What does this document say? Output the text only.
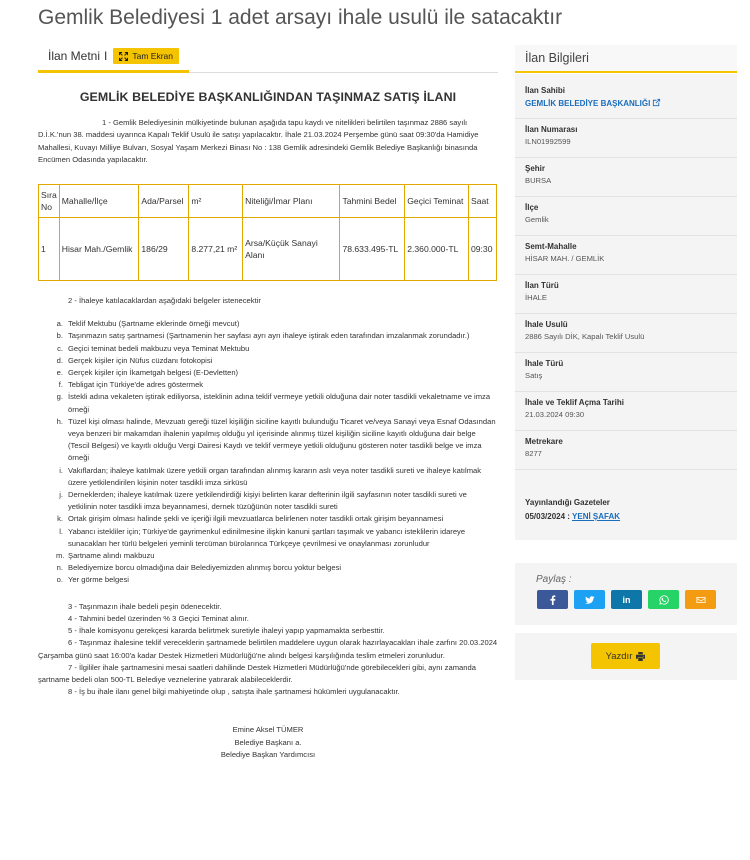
Gemlik Belediyesi 1 adet arsayı ihale usulü ile satacaktır
İlan Metni I	Tam Ekran
GEMLİK BELEDİYE BAŞKANLIĞINDAN TAŞINMAZ SATIŞ İLANI

1 - Gemlik Belediyesinin mülkiyetinde bulunan aşağıda tapu kaydı ve nitelikleri belirtilen taşınmaz 2886 sayılı D.İ.K.'nun 38. maddesi uyarınca Kapalı Teklif Usulü ile satışı yapılacaktır. İhale 21.03.2024 Perşembe günü saat 09:30'da Hamidiye Mahallesi, Kuvayı Milliye Bulvarı, Sosyal Yaşam Merkezi Binası No : 138 Gemlik adresindeki Gemlik Belediye Başkanlığı binasında Encümen Odasında yapılacaktır.

Sıra No	Mahalle/İlçe	Ada/Parsel	m²	Niteliği/İmar Planı	Tahmini Bedel	Geçici Teminat	Saat
1	Hisar Mah./Gemlik	186/29	8.277,21 m²	Arsa/Küçük Sanayi Alanı	78.633.495-TL	2.360.000-TL	09:30

2 - İhaleye katılacaklardan aşağıdaki belgeler istenecektir

a. Teklif Mektubu (Şartname eklerinde örneği mevcut)
b. Taşınmazın satış şartnamesi (Şartnamenin her sayfası ayrı ayrı ihaleye iştirak eden tarafından imzalanmak zorundadır.)
c. Geçici teminat bedeli makbuzu veya Teminat Mektubu
d. Gerçek kişiler için Nüfus cüzdanı fotokopisi
e. Gerçek kişiler için İkametgah belgesi (E-Devletten)
f. Tebligat için Türkiye'de adres göstermek
g. İstekli adına vekaleten iştirak ediliyorsa, isteklinin adına teklif vermeye yetkili olduğuna dair noter tasdikli vekaletname ve imza örneği
h. Tüzel kişi olması halinde, Mevzuatı gereği tüzel kişiliğin siciline kayıtlı bulunduğu Ticaret ve/veya Sanayi veya Esnaf Odasından veya benzeri bir makamdan ihalenin yapılmış olduğu yıl içerisinde alınmış tüzel kişiliğin siciline kayıtlı olduğuna dair belge (Tescil Belgesi) ve kayıtlı olduğu Vergi Dairesi Kaydı ve teklif vermeye yetkili olduğunu gösteren noter tasdikli belge ve imza örneği
i. Vakıflardan; ihaleye katılmak üzere yetkili organ tarafından alınmış kararın aslı veya noter tasdikli sureti ve ihaleye katılmak üzere yetkilendirilen kişinin noter tasdikli imza sirküsü
j. Derneklerden; ihaleye katılmak üzere yetkilendirdiği kişiyi belirten karar defterinin ilgili sayfasının noter tasdikli sureti ve yetkilinin noter tasdikli imza beyannamesi, dernek tüzüğünün noter tasdikli sureti
k. Ortak girişim olması halinde şekli ve içeriği ilgili mevzuatlarca belirlenen noter tasdikli ortak girişim beyannamesi
l. Yabancı istekliler için; Türkiye'de gayrimenkul edinilmesine ilişkin kanuni şartları taşımak ve yabancı isteklilerin idareye sunacakları her türlü belgeleri yeminli tercüman bürolarınca Türkçeye çevrilmesi ve onaylanması zorunludur
m. Şartname alındı makbuzu
n. Belediyemize borcu olmadığına dair Belediyemizden alınmış borcu yoktur belgesi
o. Yer görme belgesi

3 - Taşınmazın ihale bedeli peşin ödenecektir.

4 - Tahmini bedel üzerinden % 3 Geçici Teminat alınır.

5 - İhale komisyonu gerekçesi kararda belirtmek suretiyle ihaleyi yapıp yapmamakta serbesttir.

6 - Taşınmaz ihalesine teklif vereceklerin şartnamede belirtilen maddelere uygun olarak hazırlayacakları ihale zarfını 20.03.2024 Çarşamba günü saat 16:00'a kadar Destek Hizmetleri Müdürlüğü'ne alındı belgesi karşılığında teslim etmeleri zorunludur.

7 - İlgililer ihale şartnamesini mesai saatleri dahilinde Destek Hizmetleri Müdürlüğü'nde görebilecekleri gibi, aynı zamanda şartname bedeli olan 500-TL Belediye veznelerine yatırarak alabileceklerdir.

8 - İş bu ihale ilanı genel bilgi mahiyetinde olup , satışta ihale şartnamesi hükümleri uygulanacaktır.

Emine Aksel TÜMER
Belediye Başkanı a.
Belediye Başkan Yardımcısı
İlan Bilgileri
İlan Sahibi
GEMLİK BELEDİYE BAŞKANLIĞI
İlan Numarası
ILN01992599
Şehir
BURSA
İlçe
Gemlik
Semt-Mahalle
HİSAR MAH. / GEMLİK
İlan Türü
İHALE
İhale Usulü
2886 Sayılı DİK, Kapalı Teklif Usulü
İhale Türü
Satış
İhale ve Teklif Açma Tarihi
21.03.2024 09:30
Metrekare
8277
Yayınlandığı Gazeteler
05/03/2024 : YENİ ŞAFAK
Paylaş :
in
Yazdır
